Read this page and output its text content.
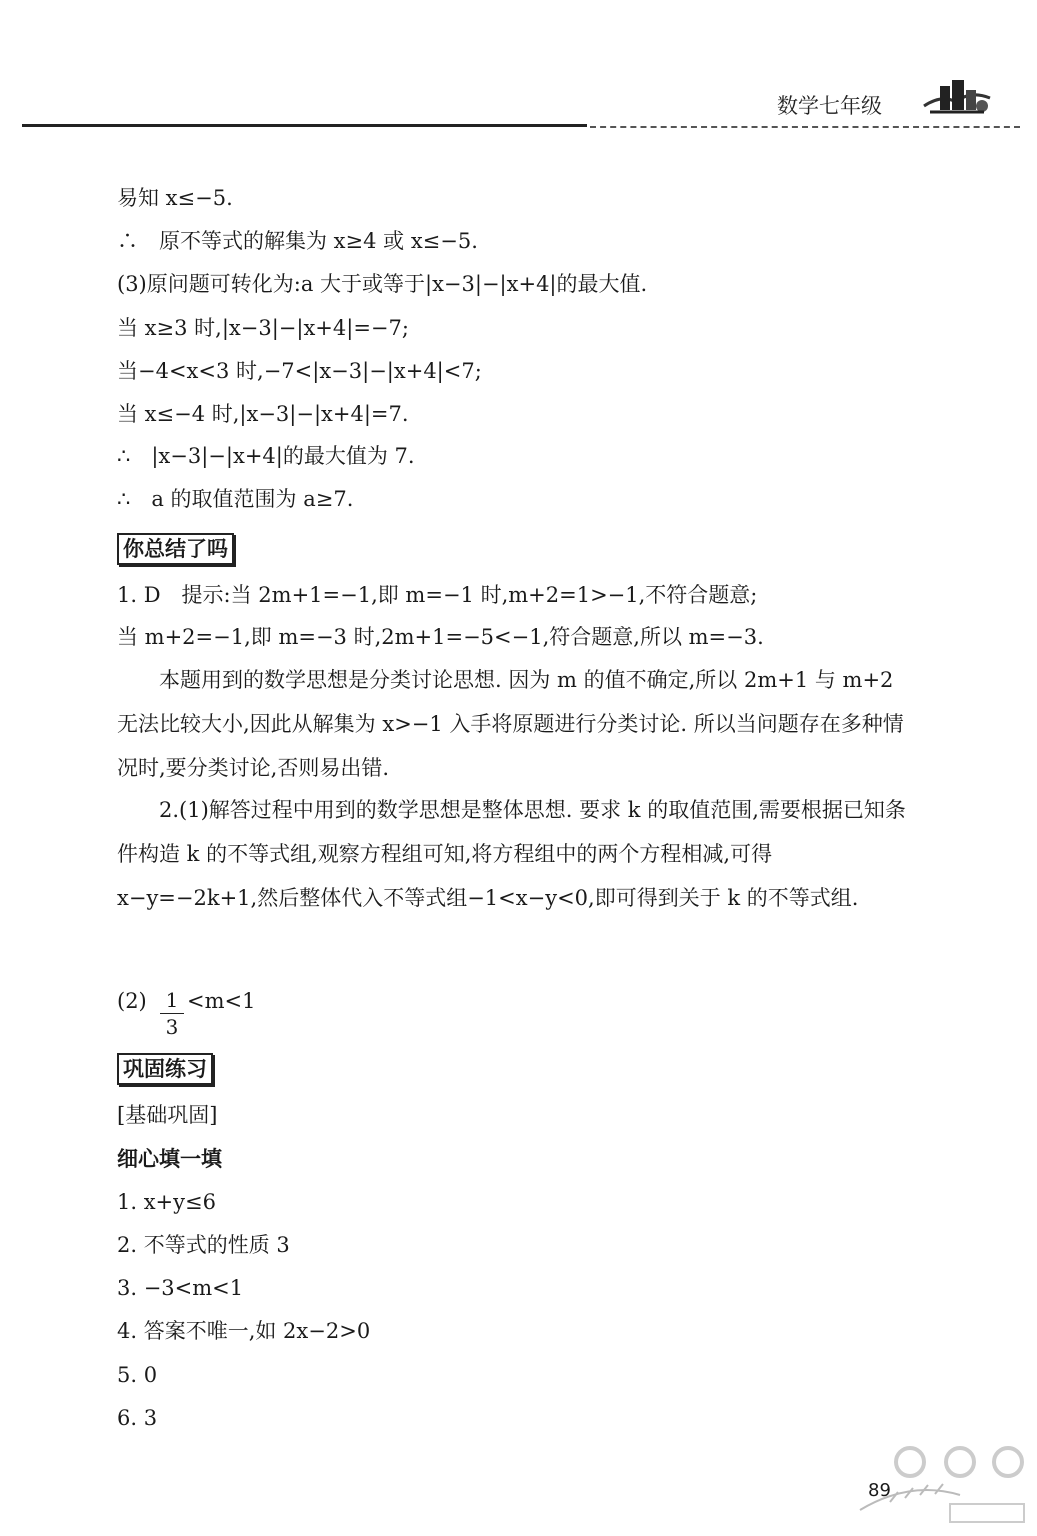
数学七年级
易知 x≤−5.
∴　原不等式的解集为 x≥4 或 x≤−5.
(3)原问题可转化为:a 大于或等于|x−3|−|x+4|的最大值.
当 x≥3 时,|x−3|−|x+4|=−7;
当−4<x<3 时,−7<|x−3|−|x+4|<7;
当 x≤−4 时,|x−3|−|x+4|=7.
∴　|x−3|−|x+4|的最大值为 7.
∴　a 的取值范围为 a≥7.
你总结了吗
1. D　提示:当 2m+1=−1,即 m=−1 时,m+2=1>−1,不符合题意;
当 m+2=−1,即 m=−3 时,2m+1=−5<−1,符合题意,所以 m=−3.
　　本题用到的数学思想是分类讨论思想. 因为 m 的值不确定,所以 2m+1 与 m+2 无法比较大小,因此从解集为 x>−1 入手将原题进行分类讨论. 所以当问题存在多种情况时,要分类讨论,否则易出错.
　　2.(1)解答过程中用到的数学思想是整体思想. 要求 k 的取值范围,需要根据已知条件构造 k 的不等式组,观察方程组可知,将方程组中的两个方程相减,可得 x−y=−2k+1,然后整体代入不等式组−1<x−y<0,即可得到关于 k 的不等式组.
(2) 1
3
<m<1
巩固练习
[基础巩固]
细心填一填
1. x+y≤6
2. 不等式的性质 3
3. −3<m<1
4. 答案不唯一,如 2x−2>0
5. 0
6. 3
89
